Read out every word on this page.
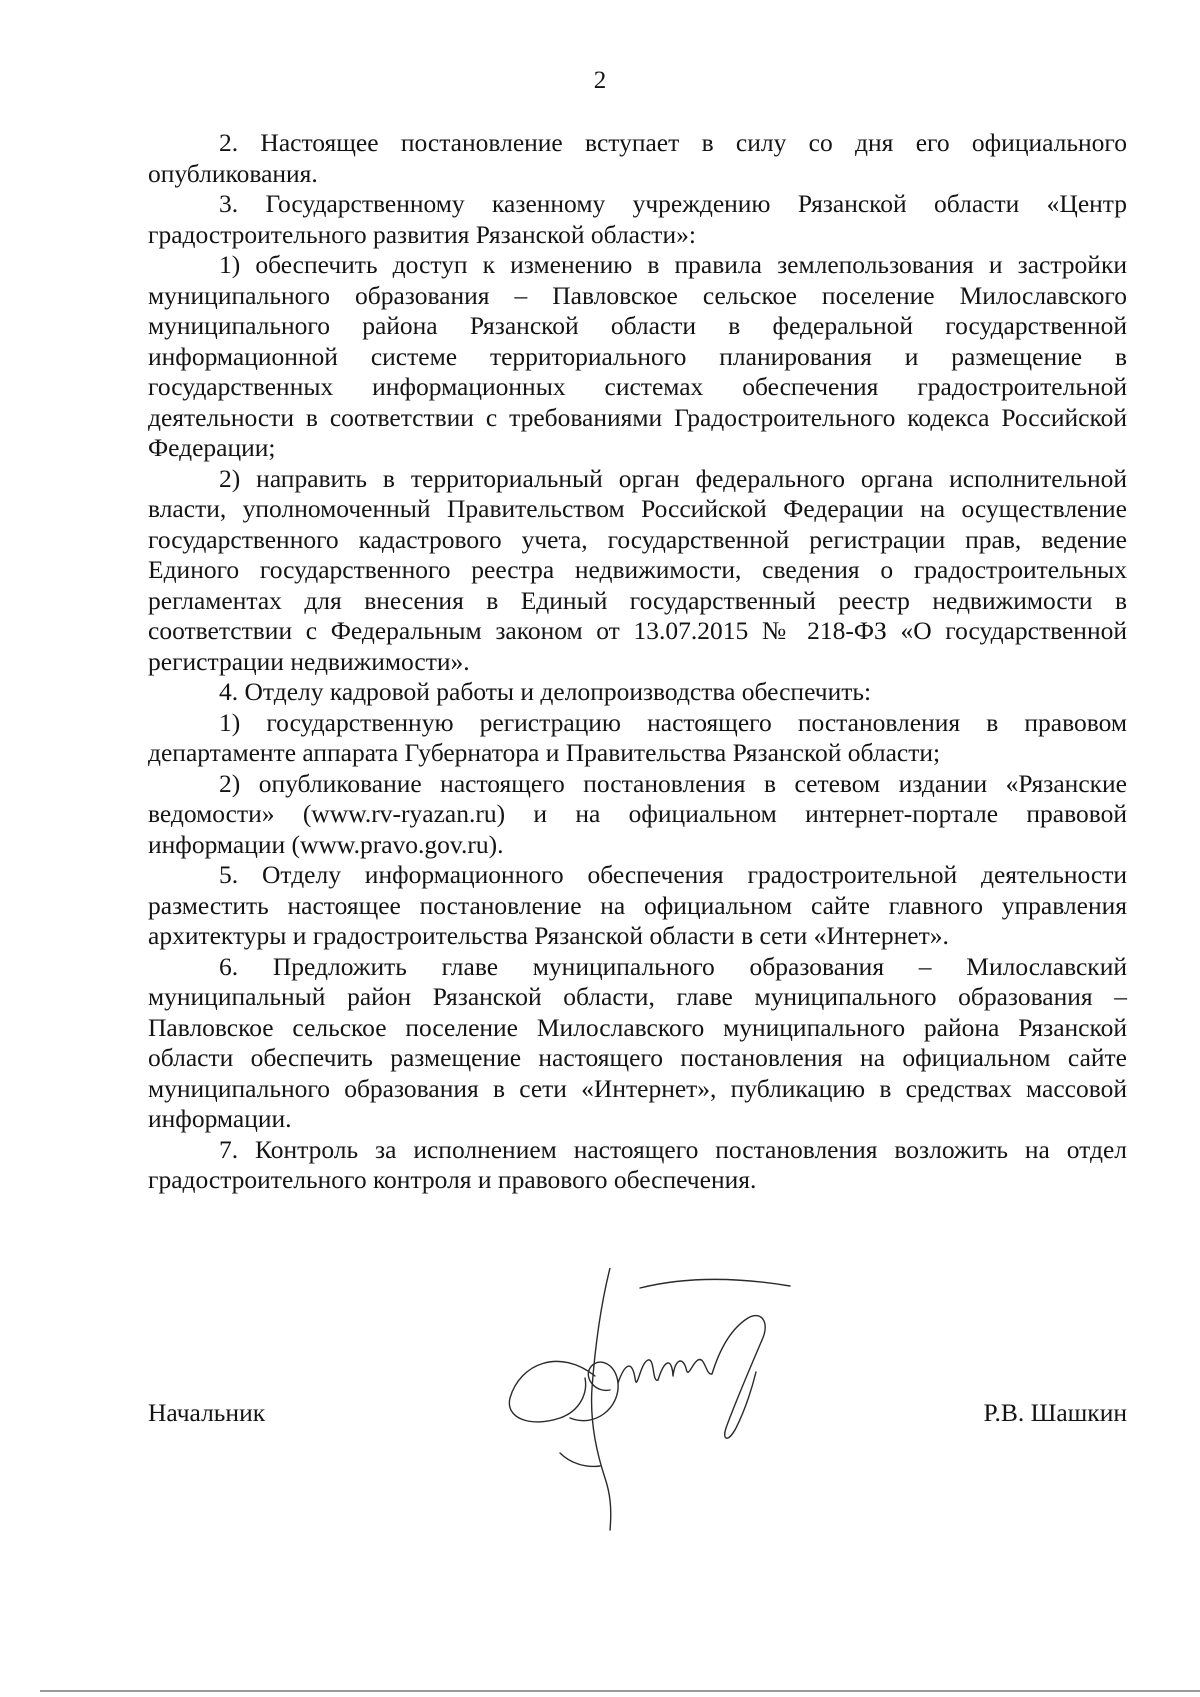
2

2. Настоящее постановление вступает в силу со дня его официального опубликования.

3. Государственному казенному учреждению Рязанской области «Центр градостроительного развития Рязанской области»:

1) обеспечить доступ к изменению в правила землепользования и застройки муниципального образования – Павловское сельское поселение Милославского муниципального района Рязанской области в федеральной государственной информационной системе территориального планирования и размещение в государственных информационных системах обеспечения градостроительной деятельности в соответствии с требованиями Градостроительного кодекса Российской Федерации;

2) направить в территориальный орган федерального органа исполнительной власти, уполномоченный Правительством Российской Федерации на осуществление государственного кадастрового учета, государственной регистрации прав, ведение Единого государственного реестра недвижимости, сведения о градостроительных регламентах для внесения в Единый государственный реестр недвижимости в соответствии с Федеральным законом от 13.07.2015 № 218-ФЗ «О государственной регистрации недвижимости».

4. Отделу кадровой работы и делопроизводства обеспечить:

1) государственную регистрацию настоящего постановления в правовом департаменте аппарата Губернатора и Правительства Рязанской области;

2) опубликование настоящего постановления в сетевом издании «Рязанские ведомости» (www.rv-ryazan.ru) и на официальном интернет-портале правовой информации (www.pravo.gov.ru).

5. Отделу информационного обеспечения градостроительной деятельности разместить настоящее постановление на официальном сайте главного управления архитектуры и градостроительства Рязанской области в сети «Интернет».

6. Предложить главе муниципального образования – Милославский муниципальный район Рязанской области, главе муниципального образования – Павловское сельское поселение Милославского муниципального района Рязанской области обеспечить размещение настоящего постановления на официальном сайте муниципального образования в сети «Интернет», публикацию в средствах массовой информации.

7. Контроль за исполнением настоящего постановления возложить на отдел градостроительного контроля и правового обеспечения.

Начальник	Р.В. Шашкин
